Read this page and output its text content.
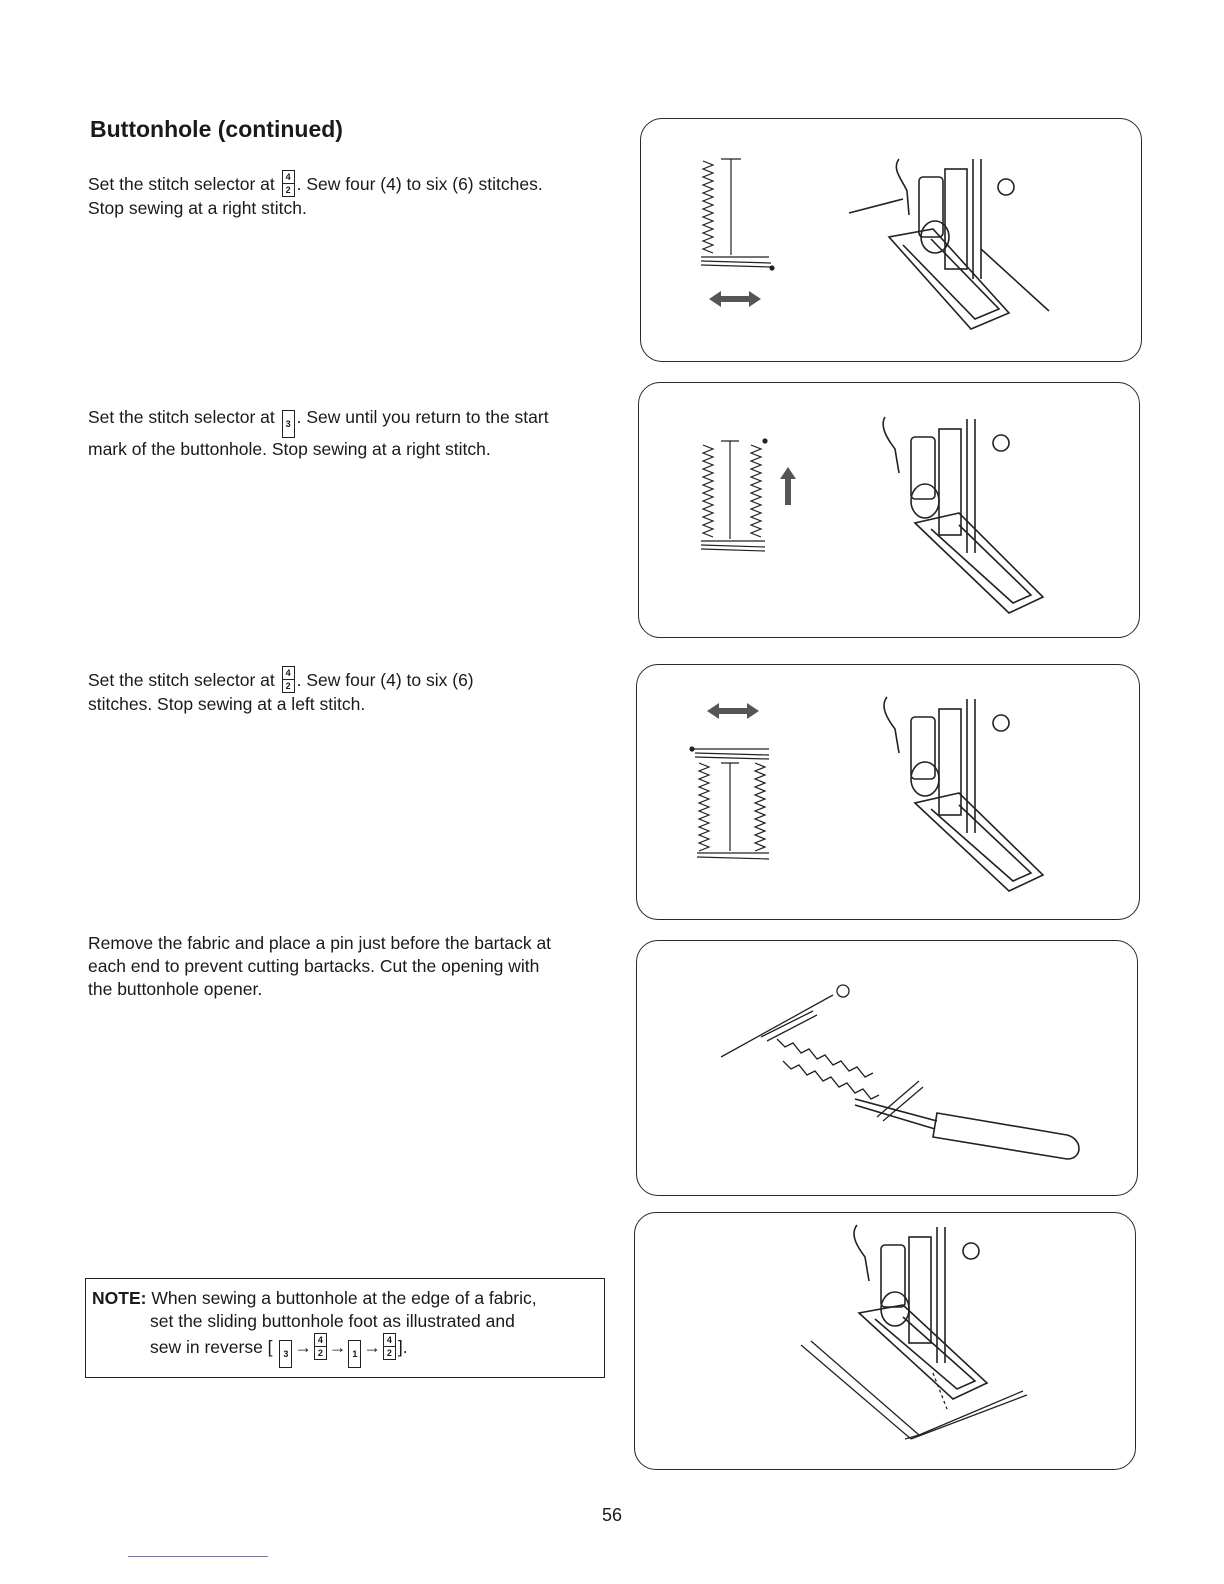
Buttonhole (continued)

Set the stitch selector at $\frac{4}{2}$ . Sew four (4) to six (6) stitches.
Stop sewing at a right stitch.

Set the stitch selector at 3 . Sew until you return to the start
mark of the buttonhole. Stop sewing at a right stitch.

Set the stitch selector at $\frac{4}{2}$ . Sew four (4) to six (6)
stitches. Stop sewing at a left stitch.

Remove the fabric and place a pin just before the bartack at
each end to prevent cutting bartacks. Cut the opening with
the buttonhole opener.

NOTE: When sewing a buttonhole at the edge of a fabric,
set the sliding buttonhole foot as illustrated and
sew in reverse [ $3 \to \frac{4}{2} \to 1 \to \frac{4}{2}$ ].
56
